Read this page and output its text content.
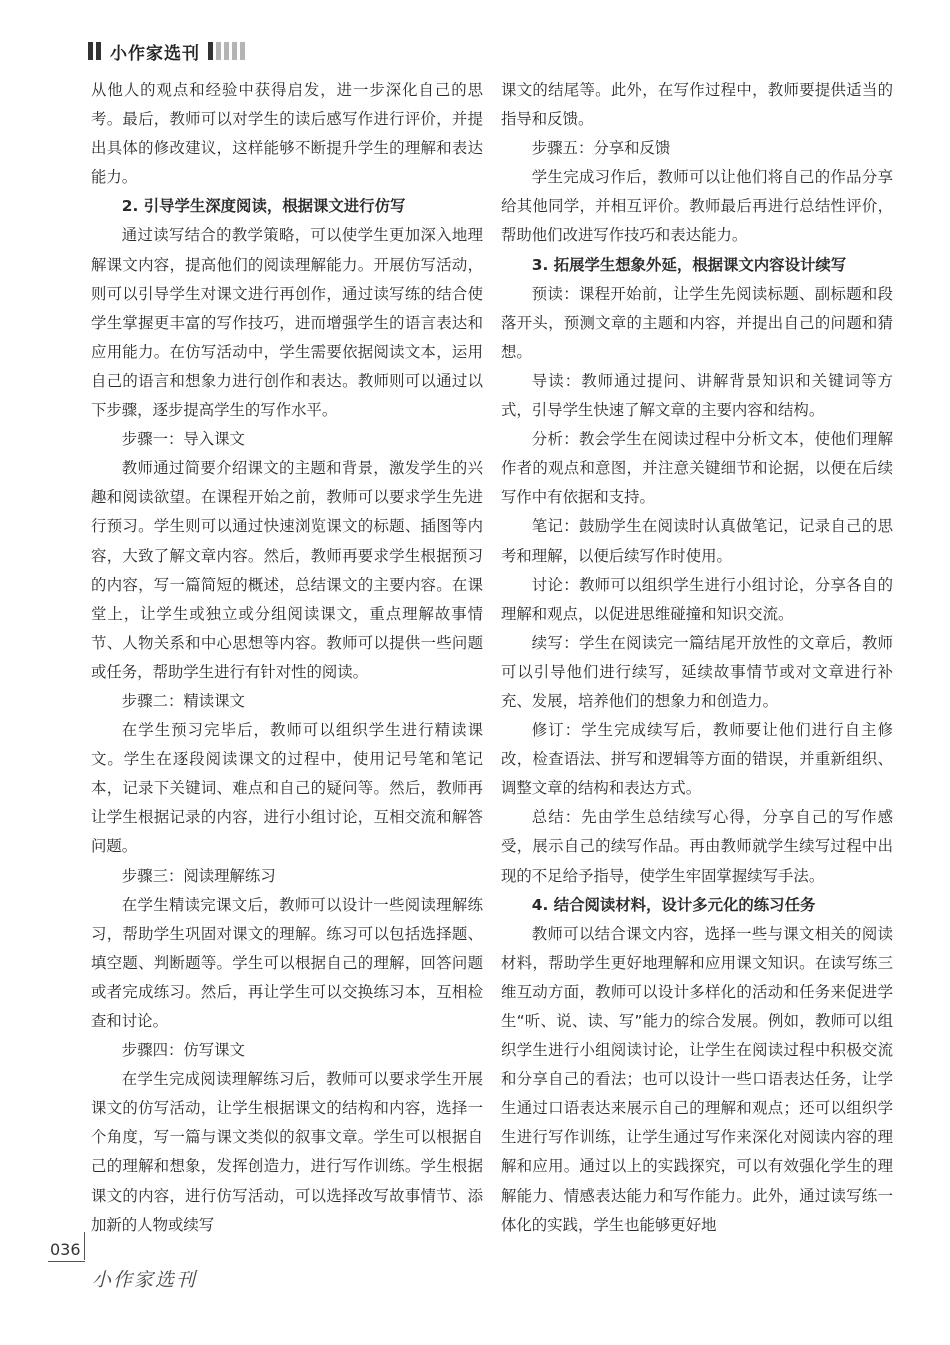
小作家选刊

从他人的观点和经验中获得启发，进一步深化自己的思考。最后，教师可以对学生的读后感写作进行评价，并提出具体的修改建议，这样能够不断提升学生的理解和表达能力。

2. 引导学生深度阅读，根据课文进行仿写

通过读写结合的教学策略，可以使学生更加深入地理解课文内容，提高他们的阅读理解能力。开展仿写活动，则可以引导学生对课文进行再创作，通过读写练的结合使学生掌握更丰富的写作技巧，进而增强学生的语言表达和应用能力。在仿写活动中，学生需要依据阅读文本，运用自己的语言和想象力进行创作和表达。教师则可以通过以下步骤，逐步提高学生的写作水平。

步骤一：导入课文

教师通过简要介绍课文的主题和背景，激发学生的兴趣和阅读欲望。在课程开始之前，教师可以要求学生先进行预习。学生则可以通过快速浏览课文的标题、插图等内容，大致了解文章内容。然后，教师再要求学生根据预习的内容，写一篇简短的概述，总结课文的主要内容。在课堂上，让学生或独立或分组阅读课文，重点理解故事情节、人物关系和中心思想等内容。教师可以提供一些问题或任务，帮助学生进行有针对性的阅读。

步骤二：精读课文

在学生预习完毕后，教师可以组织学生进行精读课文。学生在逐段阅读课文的过程中，使用记号笔和笔记本，记录下关键词、难点和自己的疑问等。然后，教师再让学生根据记录的内容，进行小组讨论，互相交流和解答问题。

步骤三：阅读理解练习

在学生精读完课文后，教师可以设计一些阅读理解练习，帮助学生巩固对课文的理解。练习可以包括选择题、填空题、判断题等。学生可以根据自己的理解，回答问题或者完成练习。然后，再让学生可以交换练习本，互相检查和讨论。

步骤四：仿写课文

在学生完成阅读理解练习后，教师可以要求学生开展课文的仿写活动，让学生根据课文的结构和内容，选择一个角度，写一篇与课文类似的叙事文章。学生可以根据自己的理解和想象，发挥创造力，进行写作训练。学生根据课文的内容，进行仿写活动，可以选择改写故事情节、添加新的人物或续写

课文的结尾等。此外，在写作过程中，教师要提供适当的指导和反馈。

步骤五：分享和反馈

学生完成习作后，教师可以让他们将自己的作品分享给其他同学，并相互评价。教师最后再进行总结性评价，帮助他们改进写作技巧和表达能力。

3. 拓展学生想象外延，根据课文内容设计续写

预读：课程开始前，让学生先阅读标题、副标题和段落开头，预测文章的主题和内容，并提出自己的问题和猜想。

导读：教师通过提问、讲解背景知识和关键词等方式，引导学生快速了解文章的主要内容和结构。

分析：教会学生在阅读过程中分析文本，使他们理解作者的观点和意图，并注意关键细节和论据，以便在后续写作中有依据和支持。

笔记：鼓励学生在阅读时认真做笔记，记录自己的思考和理解，以便后续写作时使用。

讨论：教师可以组织学生进行小组讨论，分享各自的理解和观点，以促进思维碰撞和知识交流。

续写：学生在阅读完一篇结尾开放性的文章后，教师可以引导他们进行续写，延续故事情节或对文章进行补充、发展，培养他们的想象力和创造力。

修订：学生完成续写后，教师要让他们进行自主修改，检查语法、拼写和逻辑等方面的错误，并重新组织、调整文章的结构和表达方式。

总结：先由学生总结续写心得，分享自己的写作感受，展示自己的续写作品。再由教师就学生续写过程中出现的不足给予指导，使学生牢固掌握续写手法。

4. 结合阅读材料，设计多元化的练习任务

教师可以结合课文内容，选择一些与课文相关的阅读材料，帮助学生更好地理解和应用课文知识。在读写练三维互动方面，教师可以设计多样化的活动和任务来促进学生“听、说、读、写”能力的综合发展。例如，教师可以组织学生进行小组阅读讨论，让学生在阅读过程中积极交流和分享自己的看法；也可以设计一些口语表达任务，让学生通过口语表达来展示自己的理解和观点；还可以组织学生进行写作训练，让学生通过写作来深化对阅读内容的理解和应用。通过以上的实践探究，可以有效强化学生的理解能力、情感表达能力和写作能力。此外，通过读写练一体化的实践，学生也能够更好地

036
小作家选刊
